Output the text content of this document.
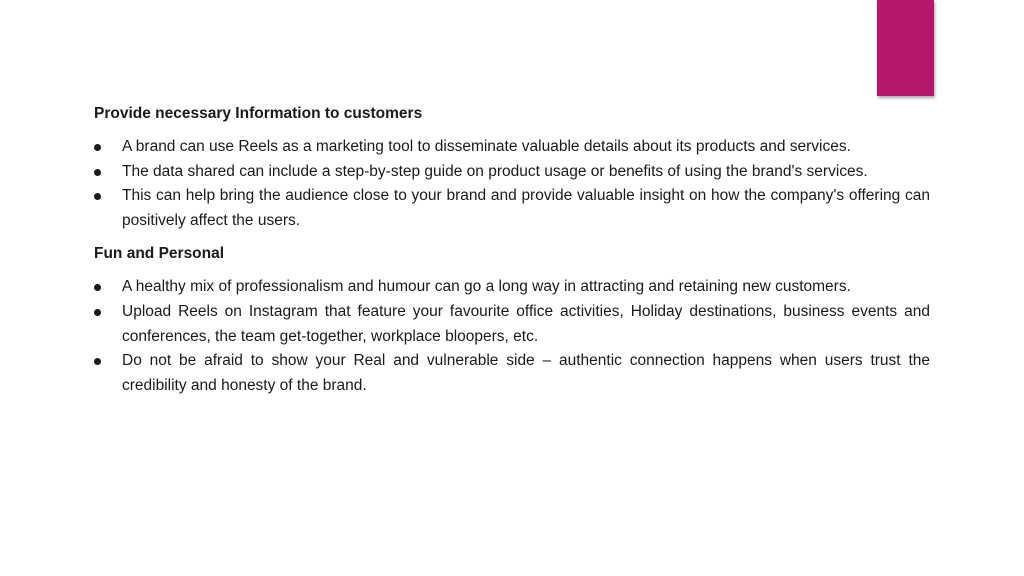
Provide necessary Information to customers
A brand can use Reels as a marketing tool to disseminate valuable details about its products and services.
The data shared can include a step-by-step guide on product usage or benefits of using the brand's services.
This can help bring the audience close to your brand and provide valuable insight on how the company's offering can positively affect the users.
Fun and Personal
A healthy mix of professionalism and humour can go a long way in attracting and retaining new customers.
Upload Reels on Instagram that feature your favourite office activities, Holiday destinations, business events and conferences, the team get-together, workplace bloopers, etc.
Do not be afraid to show your Real and vulnerable side – authentic connection happens when users trust the credibility and honesty of the brand.
